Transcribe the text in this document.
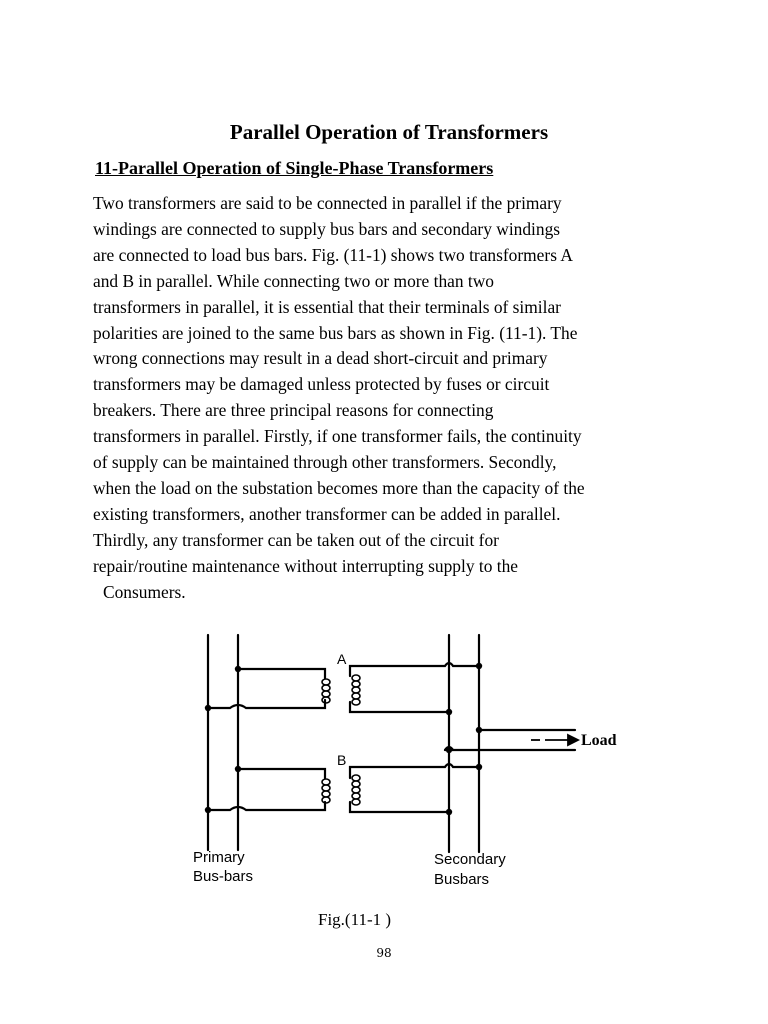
Parallel Operation of Transformers
11-Parallel Operation of Single-Phase Transformers
Two transformers are said to be connected in parallel if the primary
windings are connected to supply bus bars and secondary windings
are connected to load bus bars. Fig. (11-1) shows two transformers A
and B in parallel. While connecting two or more than two
transformers in parallel, it is essential that their terminals of similar
polarities are joined to the same bus bars as shown in Fig. (11-1). The
wrong connections may result in a dead short-circuit and primary
transformers may be damaged unless protected by fuses or circuit
breakers. There are three principal reasons for connecting
transformers in parallel. Firstly, if one transformer fails, the continuity
of supply can be maintained through other transformers. Secondly,
when the load on the substation becomes more than the capacity of the
existing transformers, another transformer can be added in parallel.
Thirdly, any transformer can be taken out of the circuit for
repair/routine maintenance without interrupting supply to the
Consumers.
A
B
Load
Primary
Bus-bars
Secondary
Busbars
Fig.(11-1 )
98
